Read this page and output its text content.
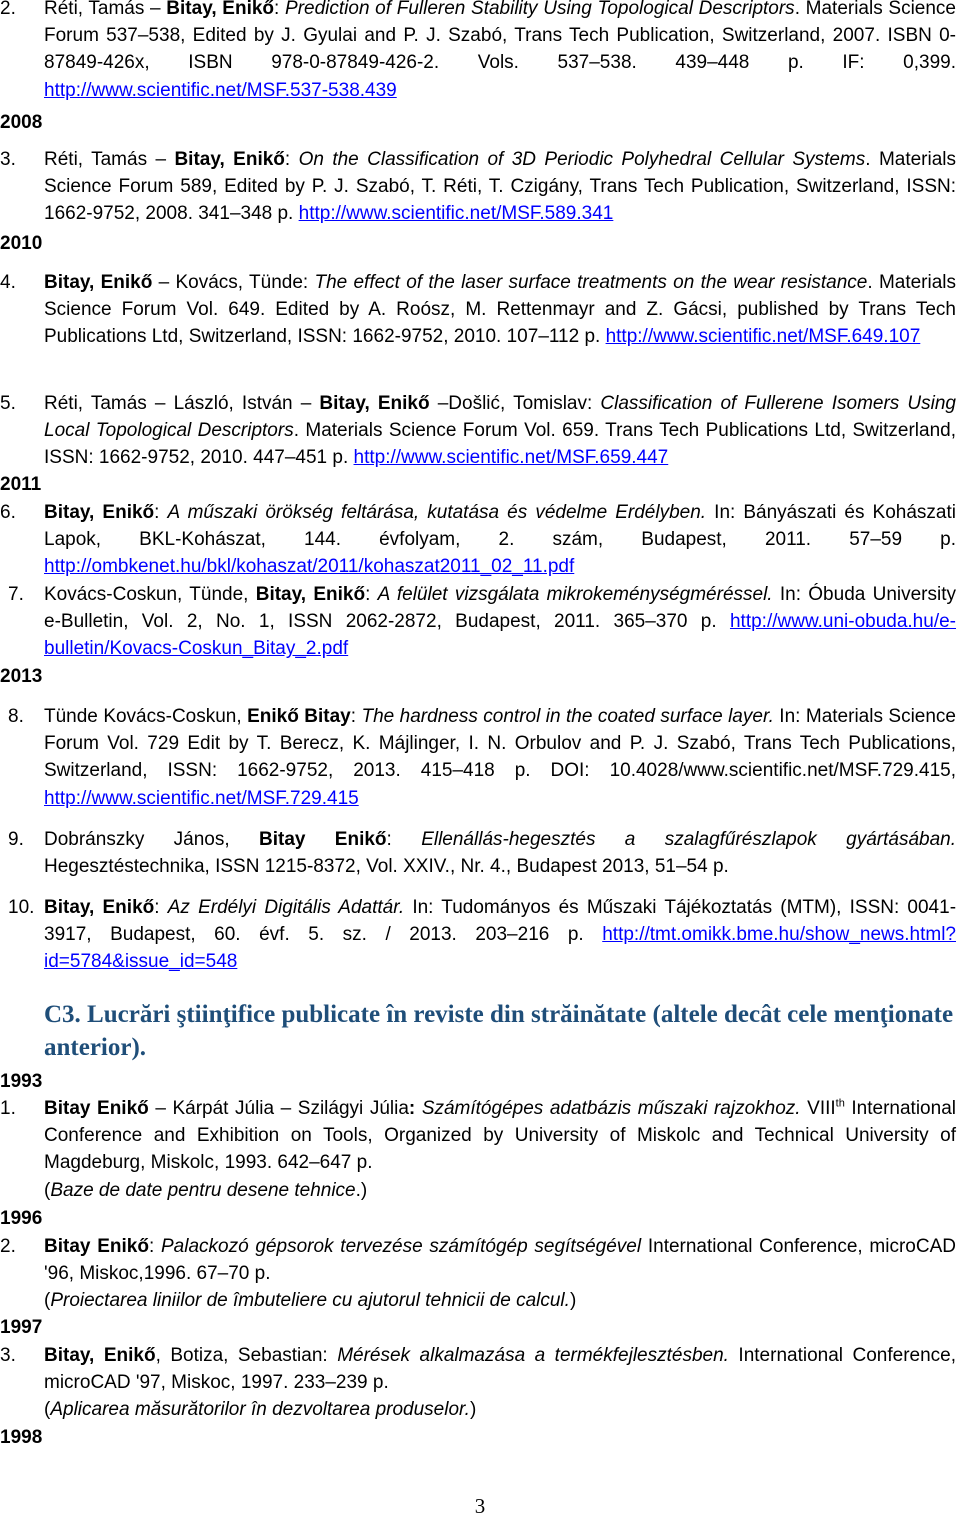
2. Réti, Tamás – Bitay, Enikő: Prediction of Fulleren Stability Using Topological Descriptors. Materials Science Forum 537–538, Edited by J. Gyulai and P. J. Szabó, Trans Tech Publication, Switzerland, 2007. ISBN 0-87849-426x, ISBN 978-0-87849-426-2. Vols. 537–538. 439–448 p. IF: 0,399. http://www.scientific.net/MSF.537-538.439
2008
3. Réti, Tamás – Bitay, Enikő: On the Classification of 3D Periodic Polyhedral Cellular Systems. Materials Science Forum 589, Edited by P. J. Szabó, T. Réti, T. Czigány, Trans Tech Publication, Switzerland, ISSN: 1662-9752, 2008. 341–348 p. http://www.scientific.net/MSF.589.341
2010
4. Bitay, Enikő – Kovács, Tünde: The effect of the laser surface treatments on the wear resistance. Materials Science Forum Vol. 649. Edited by A. Roósz, M. Rettenmayr and Z. Gácsi, published by Trans Tech Publications Ltd, Switzerland, ISSN: 1662-9752, 2010. 107–112 p. http://www.scientific.net/MSF.649.107
5. Réti, Tamás – László, István – Bitay, Enikő –Došlić, Tomislav: Classification of Fullerene Isomers Using Local Topological Descriptors. Materials Science Forum Vol. 659. Trans Tech Publications Ltd, Switzerland, ISSN: 1662-9752, 2010. 447–451 p. http://www.scientific.net/MSF.659.447
2011
6. Bitay, Enikő: A műszaki örökség feltárása, kutatása és védelme Erdélyben. In: Bányászati és Kohászati Lapok, BKL-Kohászat, 144. évfolyam, 2. szám, Budapest, 2011. 57–59 p. http://ombkenet.hu/bkl/kohaszat/2011/kohaszat2011_02_11.pdf
7. Kovács-Coskun, Tünde, Bitay, Enikő: A felület vizsgálata mikrokeménységméréssel. In: Óbuda University e-Bulletin, Vol. 2, No. 1, ISSN 2062-2872, Budapest, 2011. 365–370 p. http://www.uni-obuda.hu/e-bulletin/Kovacs-Coskun_Bitay_2.pdf
2013
8. Tünde Kovács-Coskun, Enikő Bitay: The hardness control in the coated surface layer. In: Materials Science Forum Vol. 729 Edit by T. Berecz, K. Májlinger, I. N. Orbulov and P. J. Szabó, Trans Tech Publications, Switzerland, ISSN: 1662-9752, 2013. 415–418 p. DOI: 10.4028/www.scientific.net/MSF.729.415, http://www.scientific.net/MSF.729.415
9. Dobránszky János, Bitay Enikő: Ellenállás-hegesztés a szalagfűrészlapok gyártásában. Hegesztéstechnika, ISSN 1215-8372, Vol. XXIV., Nr. 4., Budapest 2013, 51–54 p.
10. Bitay, Enikő: Az Erdélyi Digitális Adattár. In: Tudományos és Műszaki Tájékoztatás (MTM), ISSN: 0041-3917, Budapest, 60. évf. 5. sz. / 2013. 203–216 p. http://tmt.omikk.bme.hu/show_news.html?id=5784&issue_id=548
C3. Lucrări ştiinţifice publicate în reviste din străinătate (altele decât cele menţionate anterior).
1993
1. Bitay Enikő – Kárpát Júlia – Szilágyi Júlia: Számítógépes adatbázis műszaki rajzokhoz. VIIIth International Conference and Exhibition on Tools, Organized by University of Miskolc and Technical University of Magdeburg, Miskolc, 1993. 642–647 p.
(Baze de date pentru desene tehnice.)
1996
2. Bitay Enikő: Palackozó gépsorok tervezése számítógép segítségével International Conference, microCAD '96, Miskoc,1996. 67–70 p.
(Proiectarea liniilor de îmbuteliere cu ajutorul tehnicii de calcul.)
1997
3. Bitay, Enikő, Botiza, Sebastian: Mérések alkalmazása a termékfejlesztésben. International Conference, microCAD '97, Miskoc, 1997. 233–239 p.
(Aplicarea măsurătorilor în dezvoltarea produselor.)
1998
3
